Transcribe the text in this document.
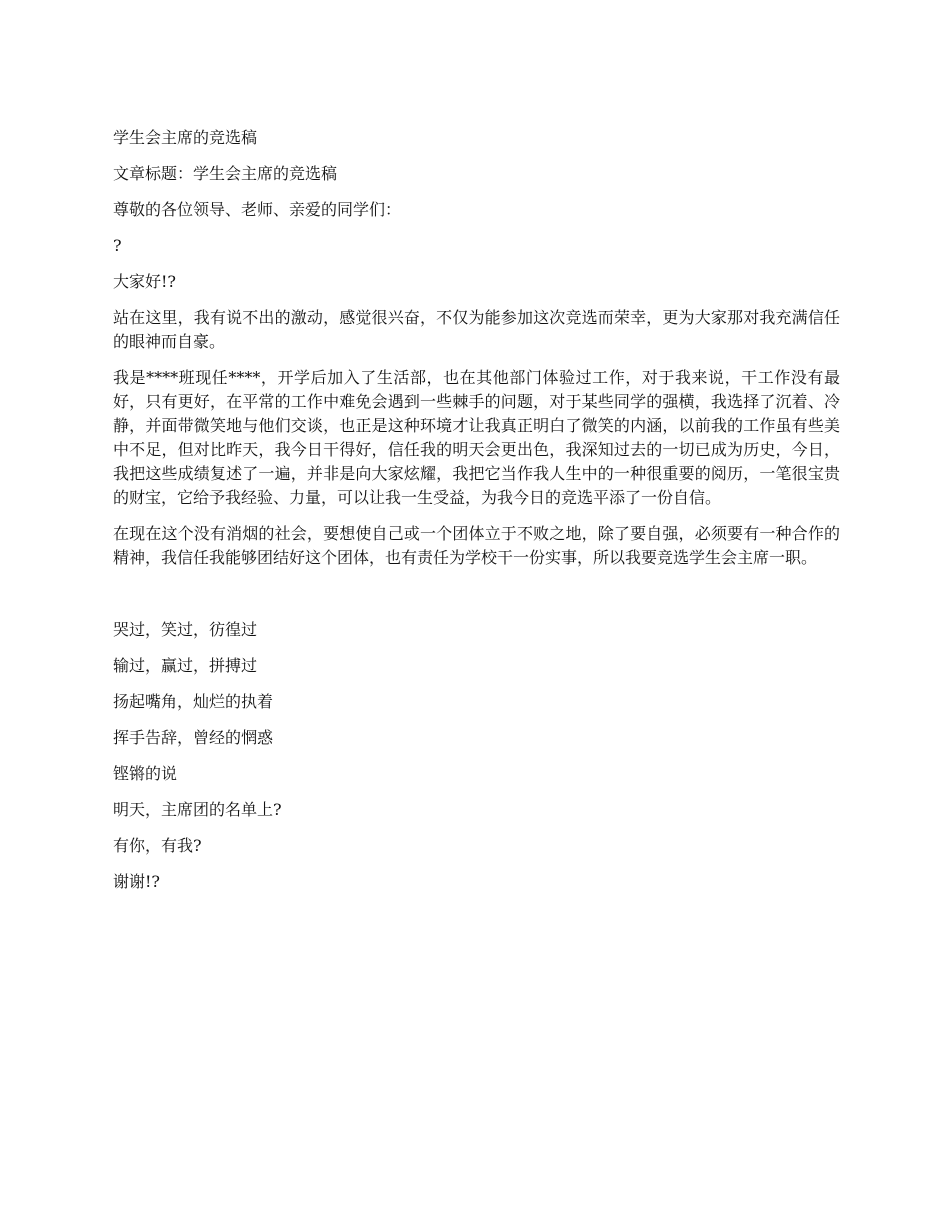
学生会主席的竞选稿

文章标题：学生会主席的竞选稿

尊敬的各位领导、老师、亲爱的同学们：

?

大家好!?

站在这里，我有说不出的激动，感觉很兴奋，不仅为能参加这次竞选而荣幸，更为大家那对我充满信任的眼神而自豪。

我是****班现任****，开学后加入了生活部，也在其他部门体验过工作，对于我来说，干工作没有最好，只有更好，在平常的工作中难免会遇到一些棘手的问题，对于某些同学的强横，我选择了沉着、冷静，并面带微笑地与他们交谈，也正是这种环境才让我真正明白了微笑的内涵，以前我的工作虽有些美中不足，但对比昨天，我今日干得好，信任我的明天会更出色，我深知过去的一切已成为历史，今日，我把这些成绩复述了一遍，并非是向大家炫耀，我把它当作我人生中的一种很重要的阅历，一笔很宝贵的财宝，它给予我经验、力量，可以让我一生受益，为我今日的竞选平添了一份自信。

在现在这个没有消烟的社会，要想使自己或一个团体立于不败之地，除了要自强，必须要有一种合作的精神，我信任我能够团结好这个团体，也有责任为学校干一份实事，所以我要竞选学生会主席一职。

哭过，笑过，彷徨过

输过，赢过，拼搏过

扬起嘴角，灿烂的执着

挥手告辞，曾经的惘惑

铿锵的说

明天，主席团的名单上?

有你，有我?

谢谢!?
